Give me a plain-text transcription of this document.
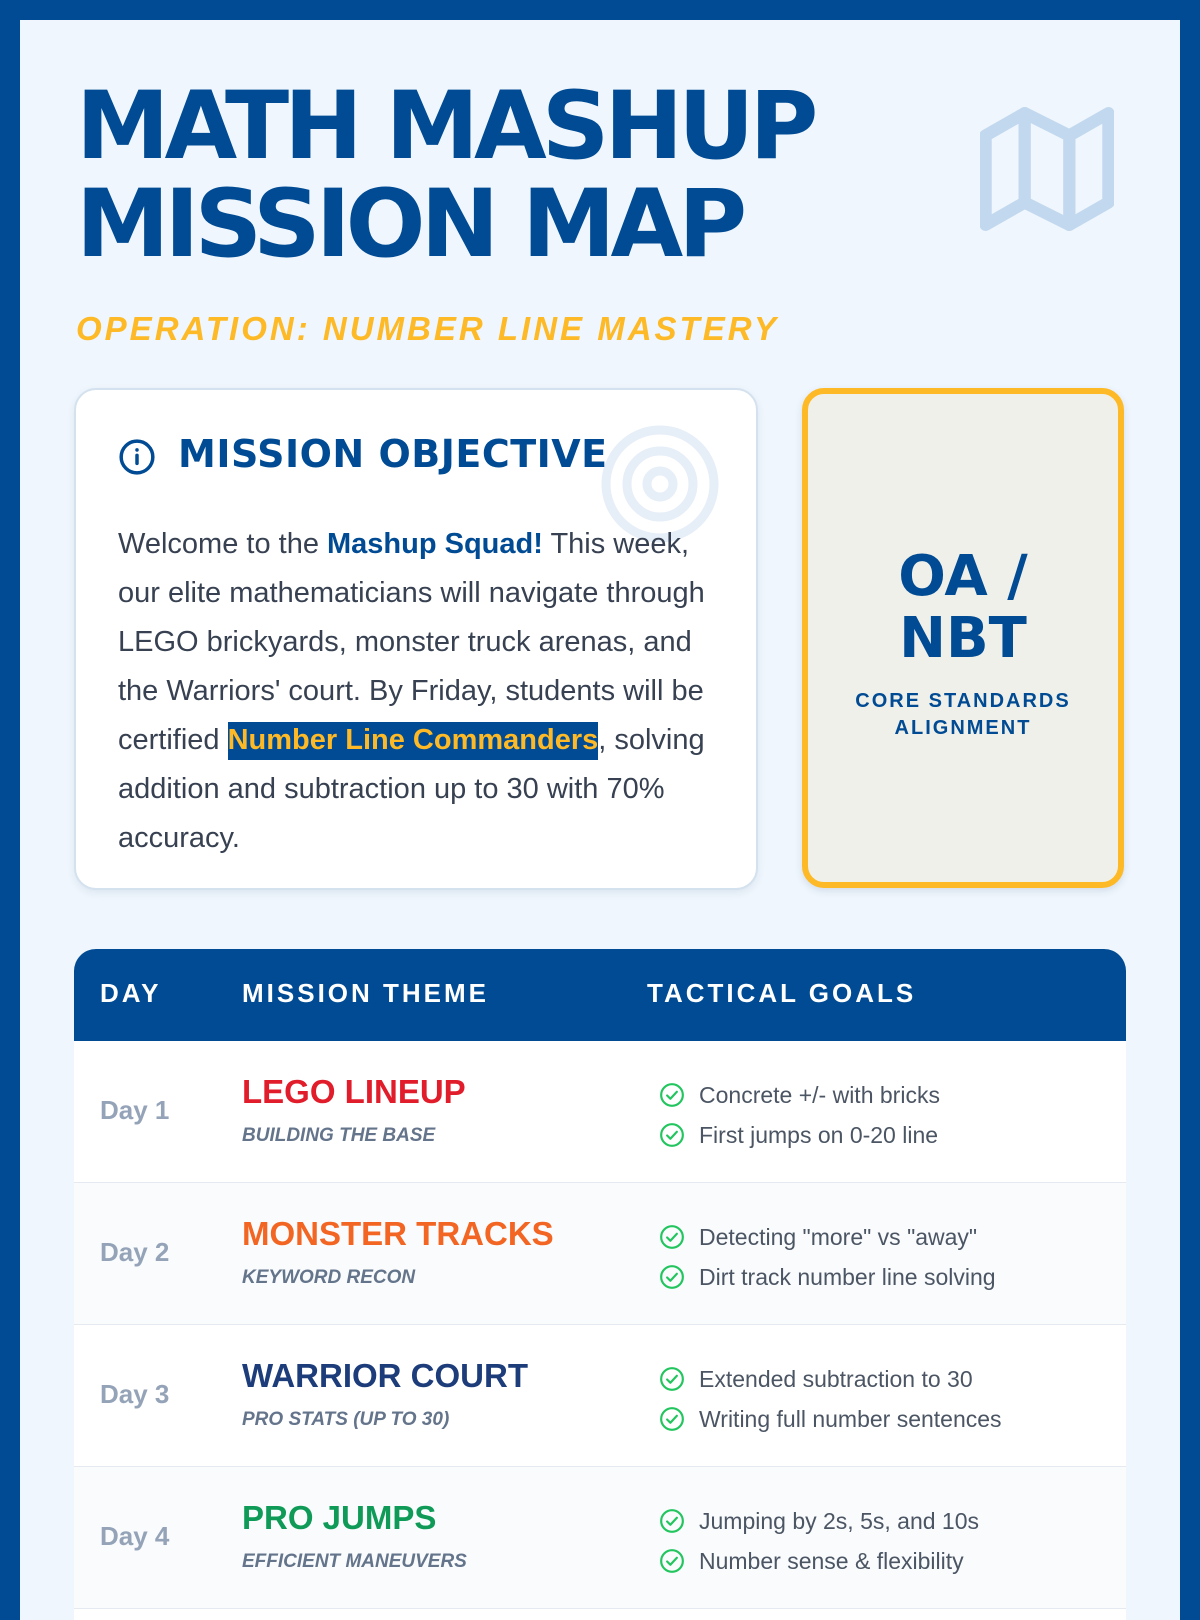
MATH MASHUP
MISSION MAP
OPERATION: NUMBER LINE MASTERY
MISSION OBJECTIVE

Welcome to the Mashup Squad! This week, our elite mathematicians will navigate through LEGO brickyards, monster truck arenas, and the Warriors' court. By Friday, students will be certified Number Line Commanders, solving addition and subtraction up to 30 with 70% accuracy.

OA /
NBT
CORE STANDARDS
ALIGNMENT
DAY	MISSION THEME	TACTICAL GOALS
Day 1 LEGO LINEUP
BUILDING THE BASE
Concrete +/- with bricks
First jumps on 0-20 line
Day 2 MONSTER TRACKS
KEYWORD RECON
Detecting "more" vs "away"
Dirt track number line solving
Day 3 WARRIOR COURT
PRO STATS (UP TO 30)
Extended subtraction to 30
Writing full number sentences
Day 4 PRO JUMPS
EFFICIENT MANEUVERS
Jumping by 2s, 5s, and 10s
Number sense & flexibility
